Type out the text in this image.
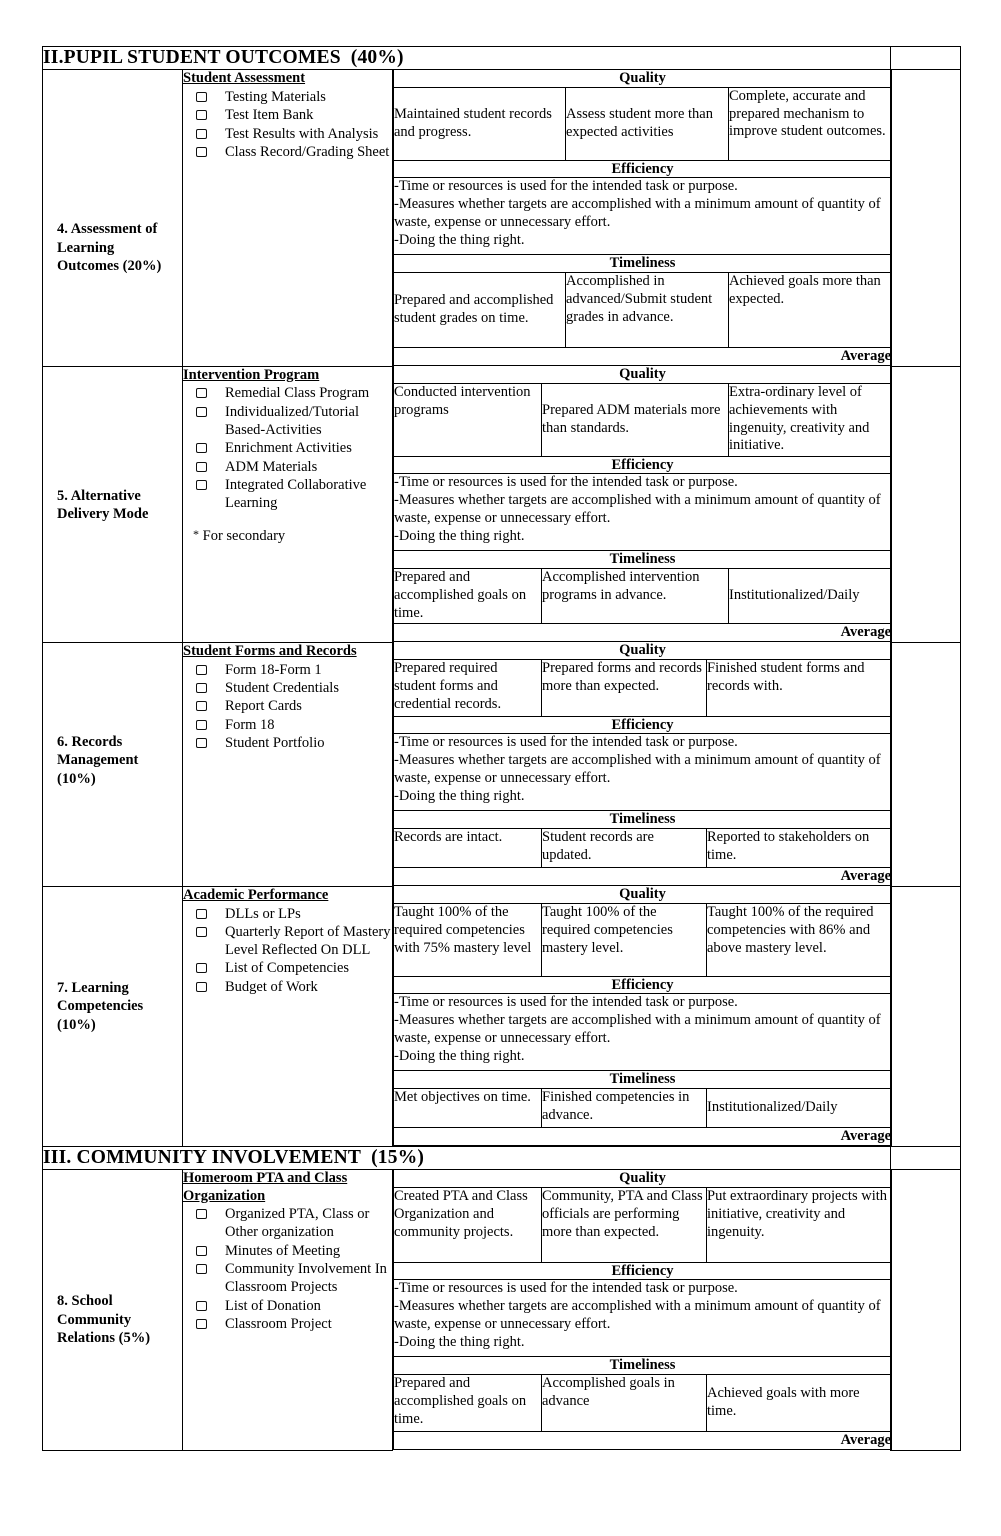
II.PUPIL STUDENT OUTCOMES (40%)	

4. Assessment of Learning Outcomes (20%)

Student Assessment
Testing Materials
Test Item Bank
Test Results with Analysis
Class Record/Grading Sheet

Quality
Maintained student records and progress.	Assess student more than expected activities	Complete, accurate and prepared mechanism to improve student outcomes.
Efficiency
-Time or resources is used for the intended task or purpose.
-Measures whether targets are accomplished with a minimum amount of quantity of waste, expense or unnecessary effort.
-Doing the thing right.
Timeliness
Prepared and accomplished student grades on time.	Accomplished in advanced/Submit student grades in advance.	Achieved goals more than expected.
Average

5. Alternative Delivery Mode

Intervention Program
Remedial Class Program
Individualized/Tutorial Based-Activities
Enrichment Activities
ADM Materials
Integrated Collaborative Learning
* For secondary

Quality
Conducted intervention programs	Prepared ADM materials more than standards.	Extra-ordinary level of achievements with ingenuity, creativity and initiative.
Efficiency
-Time or resources is used for the intended task or purpose.
-Measures whether targets are accomplished with a minimum amount of quantity of waste, expense or unnecessary effort.
-Doing the thing right.
Timeliness
Prepared and accomplished goals on time.	Accomplished intervention programs in advance.	Institutionalized/Daily
Average

6. Records Management (10%)

Student Forms and Records
Form 18-Form 1
Student Credentials
Report Cards
Form 18
Student Portfolio

Quality
Prepared required student forms and credential records.	Prepared forms and records more than expected.	Finished student forms and records with.
Efficiency
-Time or resources is used for the intended task or purpose.
-Measures whether targets are accomplished with a minimum amount of quantity of waste, expense or unnecessary effort.
-Doing the thing right.
Timeliness
Records are intact.	Student records are updated.	Reported to stakeholders on time.
Average

7. Learning Competencies (10%)

Academic Performance
DLLs or LPs
Quarterly Report of Mastery Level Reflected On DLL
List of Competencies
Budget of Work

Quality
Taught 100% of the required competencies with 75% mastery level	Taught 100% of the required competencies mastery level.	Taught 100% of the required competencies with 86% and above mastery level.
Efficiency
-Time or resources is used for the intended task or purpose.
-Measures whether targets are accomplished with a minimum amount of quantity of waste, expense or unnecessary effort.
-Doing the thing right.
Timeliness
Met objectives on time.	Finished competencies in advance.	Institutionalized/Daily
Average

III. COMMUNITY INVOLVEMENT (15%)	

8. School Community Relations (5%)

Homeroom PTA and Class Organization
Organized PTA, Class or Other organization
Minutes of Meeting
Community Involvement In Classroom Projects
List of Donation
Classroom Project

Quality
Created PTA and Class Organization and community projects.	Community, PTA and Class officials are performing more than expected.	Put extraordinary projects with initiative, creativity and ingenuity.
Efficiency
-Time or resources is used for the intended task or purpose.
-Measures whether targets are accomplished with a minimum amount of quantity of waste, expense or unnecessary effort.
-Doing the thing right.
Timeliness
Prepared and accomplished goals on time.	Accomplished goals in advance	Achieved goals with more time.
Average
